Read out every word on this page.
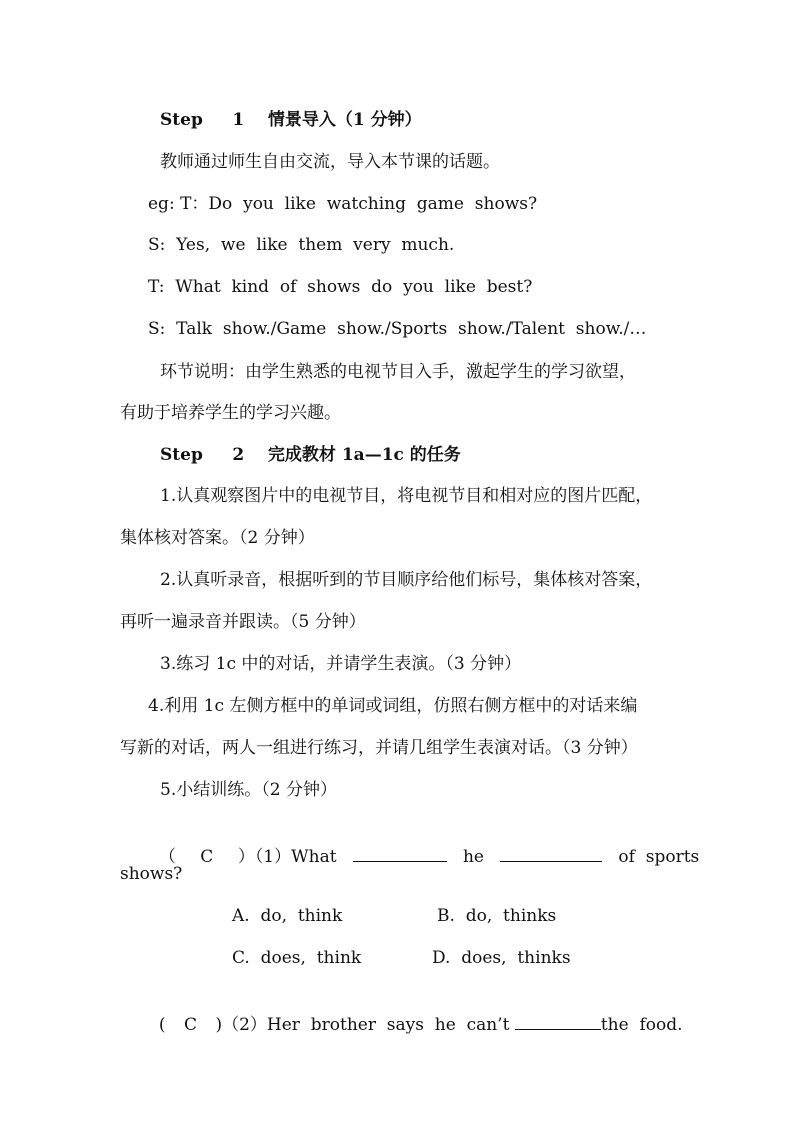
Step     1    情景导入（1 分钟）
教师通过师生自由交流，导入本节课的话题。
eg: T：Do  you  like  watching  game  shows?
S:  Yes,  we  like  them  very  much.
T:  What  kind  of  shows  do  you  like  best?
S:  Talk  show./Game  show./Sports  show./Talent  show./…
环节说明：由学生熟悉的电视节目入手，激起学生的学习欲望，
有助于培养学生的学习兴趣。
Step     2    完成教材 1a—1c 的任务
1.认真观察图片中的电视节目，将电视节目和相对应的图片匹配，
集体核对答案。（2 分钟）
2.认真听录音，根据听到的节目顺序给他们标号，集体核对答案，
再听一遍录音并跟读。（5 分钟）
3.练习 1c 中的对话，并请学生表演。（3 分钟）
4.利用 1c 左侧方框中的单词或词组，仿照右侧方框中的对话来编
写新的对话，两人一组进行练习，并请几组学生表演对话。（3 分钟）
5.小结训练。（2 分钟）

（ C ）（1）What	he	of  sports

shows?
A.  do,  think	B.  do,  thinks
C.  does,  think	D.  does,  thinks

( C )（2）Her  brother  says  he  can’t	the  food.
